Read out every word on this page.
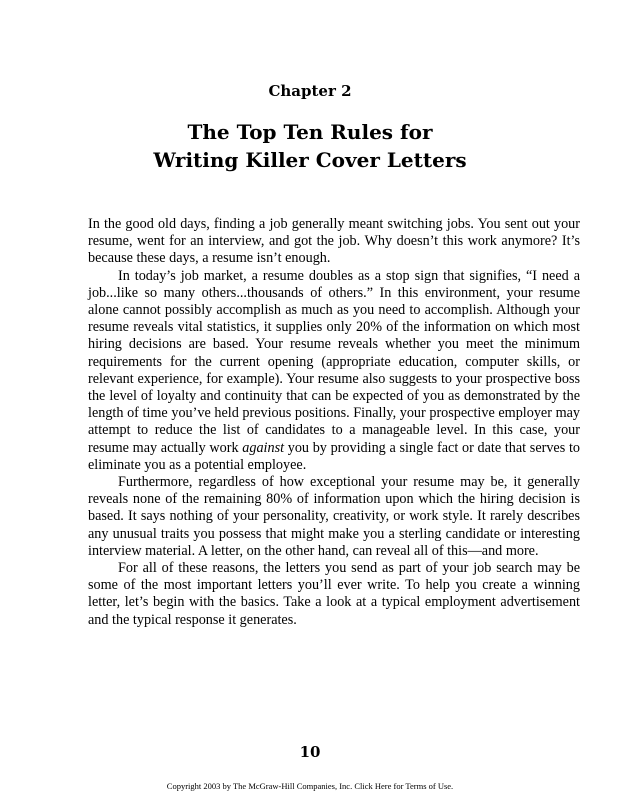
Chapter 2
The Top Ten Rules for
Writing Killer Cover Letters

In the good old days, finding a job generally meant switching jobs. You sent out your resume, went for an interview, and got the job. Why doesn’t this work anymore? It’s because these days, a resume isn’t enough.

In today’s job market, a resume doubles as a stop sign that signifies, “I need a job...like so many others...thousands of others.” In this environment, your resume alone cannot possibly accomplish as much as you need to accomplish. Although your resume reveals vital statistics, it supplies only 20% of the information on which most hiring decisions are based. Your resume reveals whether you meet the minimum requirements for the current opening (appropriate education, computer skills, or relevant experience, for example). Your resume also suggests to your prospective boss the level of loyalty and continuity that can be expected of you as demonstrated by the length of time you’ve held previous positions. Finally, your prospective employer may attempt to reduce the list of candidates to a manageable level. In this case, your resume may actually work against you by providing a single fact or date that serves to eliminate you as a potential employee.

Furthermore, regardless of how exceptional your resume may be, it generally reveals none of the remaining 80% of information upon which the hiring decision is based. It says nothing of your personality, creativity, or work style. It rarely describes any unusual traits you possess that might make you a sterling candidate or interesting interview material. A letter, on the other hand, can reveal all of this—and more.

For all of these reasons, the letters you send as part of your job search may be some of the most important letters you’ll ever write. To help you create a winning letter, let’s begin with the basics. Take a look at a typical employment advertisement and the typical response it generates.

10
Copyright 2003 by The McGraw-Hill Companies, Inc. Click Here for Terms of Use.
